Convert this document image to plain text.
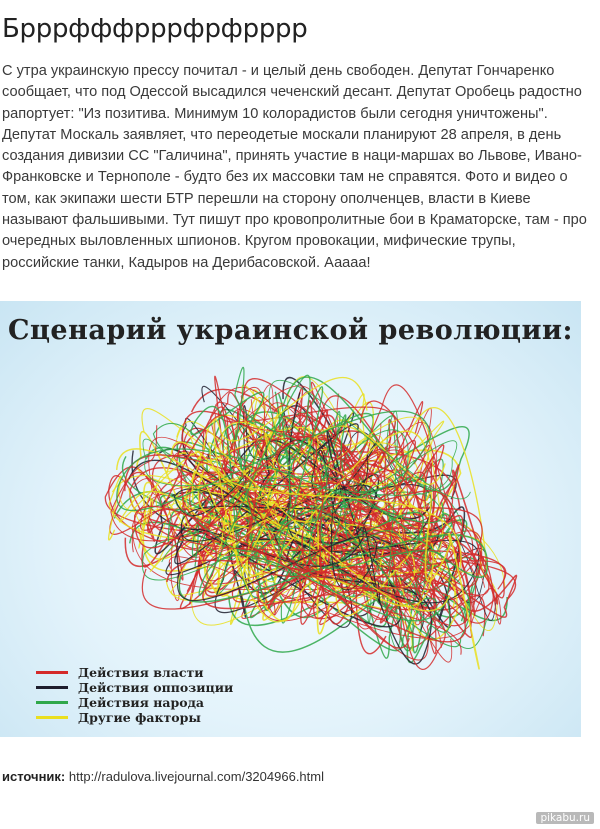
Брррфффрррфрфрррр

С утра украинскую прессу почитал - и целый день свободен. Депутат Гончаренко сообщает, что под Одессой высадился чеченский десант. Депутат Оробець радостно рапортует: "Из позитива. Минимум 10 колорадистов были сегодня уничтожены". Депутат Москаль заявляет, что переодетые москали планируют 28 апреля, в день создания дивизии СС "Галичина", принять участие в наци-маршах во Львове, Ивано-Франковске и Тернополе - будто без их массовки там не справятся. Фото и видео о том, как экипажи шести БТР перешли на сторону ополченцев, власти в Киеве называют фальшивыми. Тут пишут про кровопролитные бои в Краматорске, там - про очередных выловленных шпионов. Кругом провокации, мифические трупы, российские танки, Кадыров на Дерибасовской. Ааааа!

Сценарий украинской революции:
Действия власти
Действия оппозиции
Действия народа
Другие факторы
источник: http://radulova.livejournal.com/3204966.html
pikabu.ru
